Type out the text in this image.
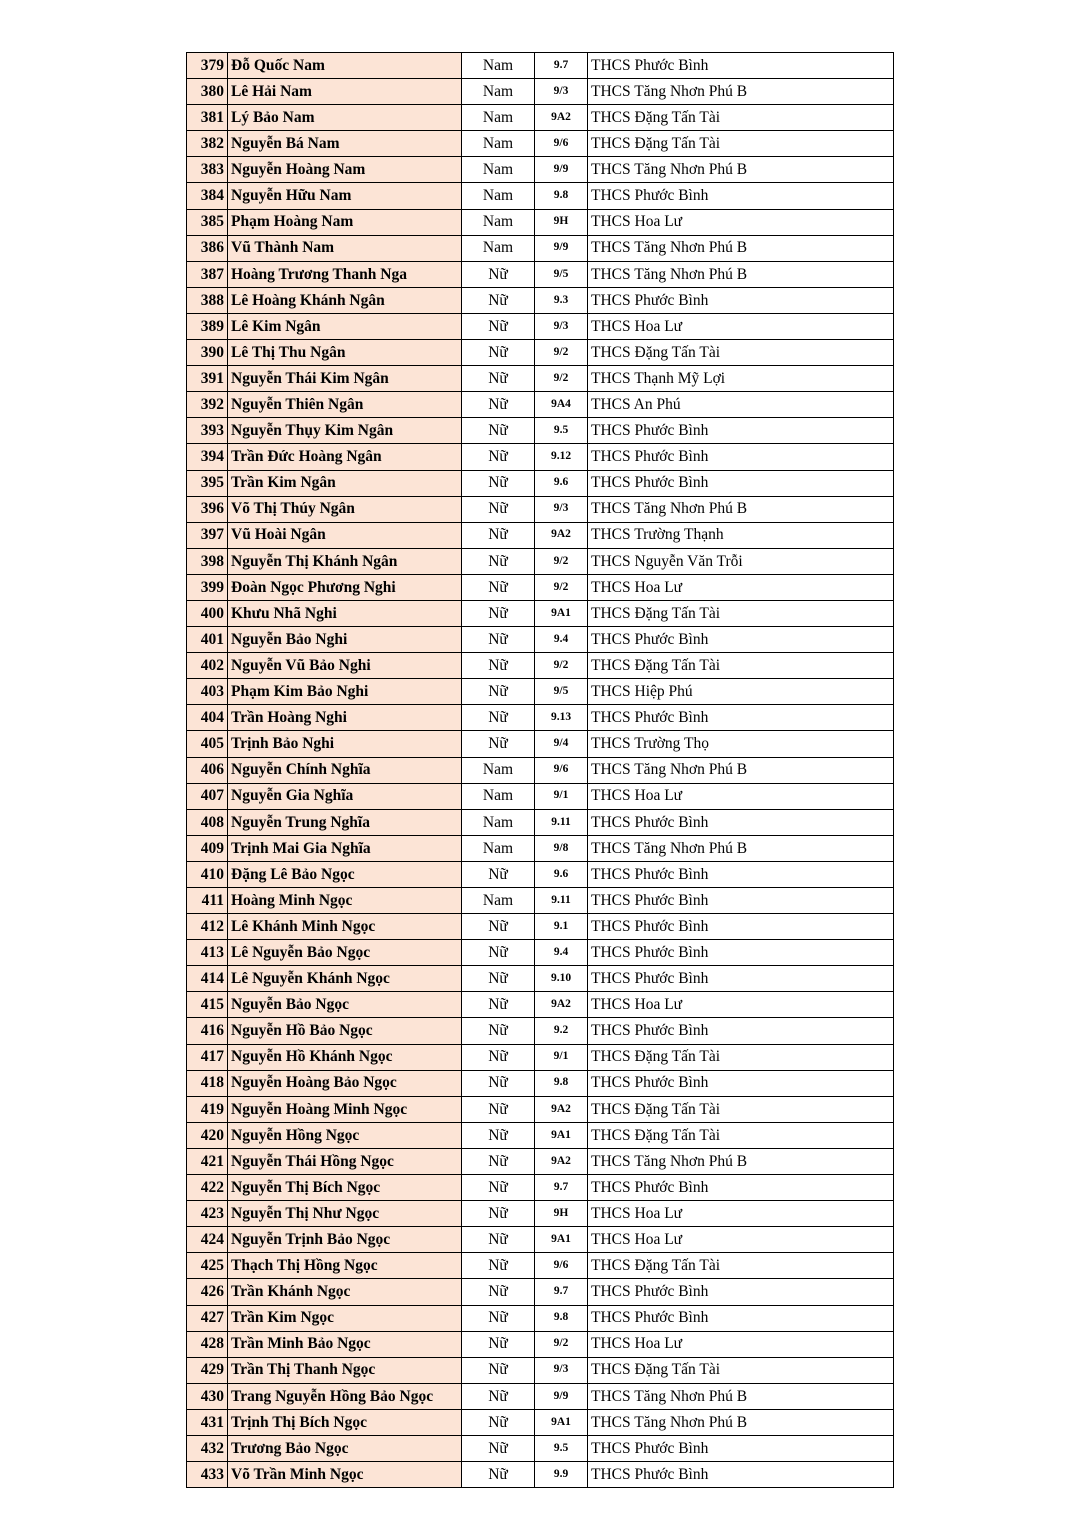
379	Đỗ Quốc Nam	Nam	9.7	THCS Phước Bình
380	Lê Hải Nam	Nam	9/3	THCS Tăng Nhơn Phú B
381	Lý Bảo Nam	Nam	9A2	THCS Đặng Tấn Tài
382	Nguyễn Bá Nam	Nam	9/6	THCS Đặng Tấn Tài
383	Nguyễn Hoàng Nam	Nam	9/9	THCS Tăng Nhơn Phú B
384	Nguyễn Hữu Nam	Nam	9.8	THCS Phước Bình
385	Phạm Hoàng Nam	Nam	9H	THCS Hoa Lư
386	Vũ Thành Nam	Nam	9/9	THCS Tăng Nhơn Phú B
387	Hoàng Trương Thanh Nga	Nữ	9/5	THCS Tăng Nhơn Phú B
388	Lê Hoàng Khánh Ngân	Nữ	9.3	THCS Phước Bình
389	Lê Kim Ngân	Nữ	9/3	THCS Hoa Lư
390	Lê Thị Thu Ngân	Nữ	9/2	THCS Đặng Tấn Tài
391	Nguyễn Thái Kim Ngân	Nữ	9/2	THCS Thạnh Mỹ Lợi
392	Nguyễn Thiên Ngân	Nữ	9A4	THCS An Phú
393	Nguyễn Thụy Kim Ngân	Nữ	9.5	THCS Phước Bình
394	Trần Đức Hoàng Ngân	Nữ	9.12	THCS Phước Bình
395	Trần Kim Ngân	Nữ	9.6	THCS Phước Bình
396	Võ Thị Thúy Ngân	Nữ	9/3	THCS Tăng Nhơn Phú B
397	Vũ Hoài Ngân	Nữ	9A2	THCS Trường Thạnh
398	Nguyễn Thị Khánh Ngân	Nữ	9/2	THCS Nguyễn Văn Trỗi
399	Đoàn Ngọc Phương Nghi	Nữ	9/2	THCS Hoa Lư
400	Khưu Nhã Nghi	Nữ	9A1	THCS Đặng Tấn Tài
401	Nguyễn Bảo Nghi	Nữ	9.4	THCS Phước Bình
402	Nguyễn Vũ Bảo Nghi	Nữ	9/2	THCS Đặng Tấn Tài
403	Phạm Kim Bảo Nghi	Nữ	9/5	THCS Hiệp Phú
404	Trần Hoàng Nghi	Nữ	9.13	THCS Phước Bình
405	Trịnh Bảo Nghi	Nữ	9/4	THCS Trường Thọ
406	Nguyễn Chính Nghĩa	Nam	9/6	THCS Tăng Nhơn Phú B
407	Nguyễn Gia Nghĩa	Nam	9/1	THCS Hoa Lư
408	Nguyễn Trung Nghĩa	Nam	9.11	THCS Phước Bình
409	Trịnh Mai Gia Nghĩa	Nam	9/8	THCS Tăng Nhơn Phú B
410	Đặng Lê Bảo Ngọc	Nữ	9.6	THCS Phước Bình
411	Hoàng Minh Ngọc	Nam	9.11	THCS Phước Bình
412	Lê Khánh Minh Ngọc	Nữ	9.1	THCS Phước Bình
413	Lê Nguyễn Bảo Ngọc	Nữ	9.4	THCS Phước Bình
414	Lê Nguyễn Khánh Ngọc	Nữ	9.10	THCS Phước Bình
415	Nguyễn Bảo Ngọc	Nữ	9A2	THCS Hoa Lư
416	Nguyễn Hồ Bảo Ngọc	Nữ	9.2	THCS Phước Bình
417	Nguyễn Hồ Khánh Ngọc	Nữ	9/1	THCS Đặng Tấn Tài
418	Nguyễn Hoàng Bảo Ngọc	Nữ	9.8	THCS Phước Bình
419	Nguyễn Hoàng Minh Ngọc	Nữ	9A2	THCS Đặng Tấn Tài
420	Nguyễn Hồng Ngọc	Nữ	9A1	THCS Đặng Tấn Tài
421	Nguyễn Thái Hồng Ngọc	Nữ	9A2	THCS Tăng Nhơn Phú B
422	Nguyễn Thị Bích Ngọc	Nữ	9.7	THCS Phước Bình
423	Nguyễn Thị Như Ngọc	Nữ	9H	THCS Hoa Lư
424	Nguyễn Trịnh Bảo Ngọc	Nữ	9A1	THCS Hoa Lư
425	Thạch Thị Hồng Ngọc	Nữ	9/6	THCS Đặng Tấn Tài
426	Trần Khánh Ngọc	Nữ	9.7	THCS Phước Bình
427	Trần Kim Ngọc	Nữ	9.8	THCS Phước Bình
428	Trần Minh Bảo Ngọc	Nữ	9/2	THCS Hoa Lư
429	Trần Thị Thanh Ngọc	Nữ	9/3	THCS Đặng Tấn Tài
430	Trang Nguyễn Hồng Bảo Ngọc	Nữ	9/9	THCS Tăng Nhơn Phú B
431	Trịnh Thị Bích Ngọc	Nữ	9A1	THCS Tăng Nhơn Phú B
432	Trương Bảo Ngọc	Nữ	9.5	THCS Phước Bình
433	Võ Trần Minh Ngọc	Nữ	9.9	THCS Phước Bình
